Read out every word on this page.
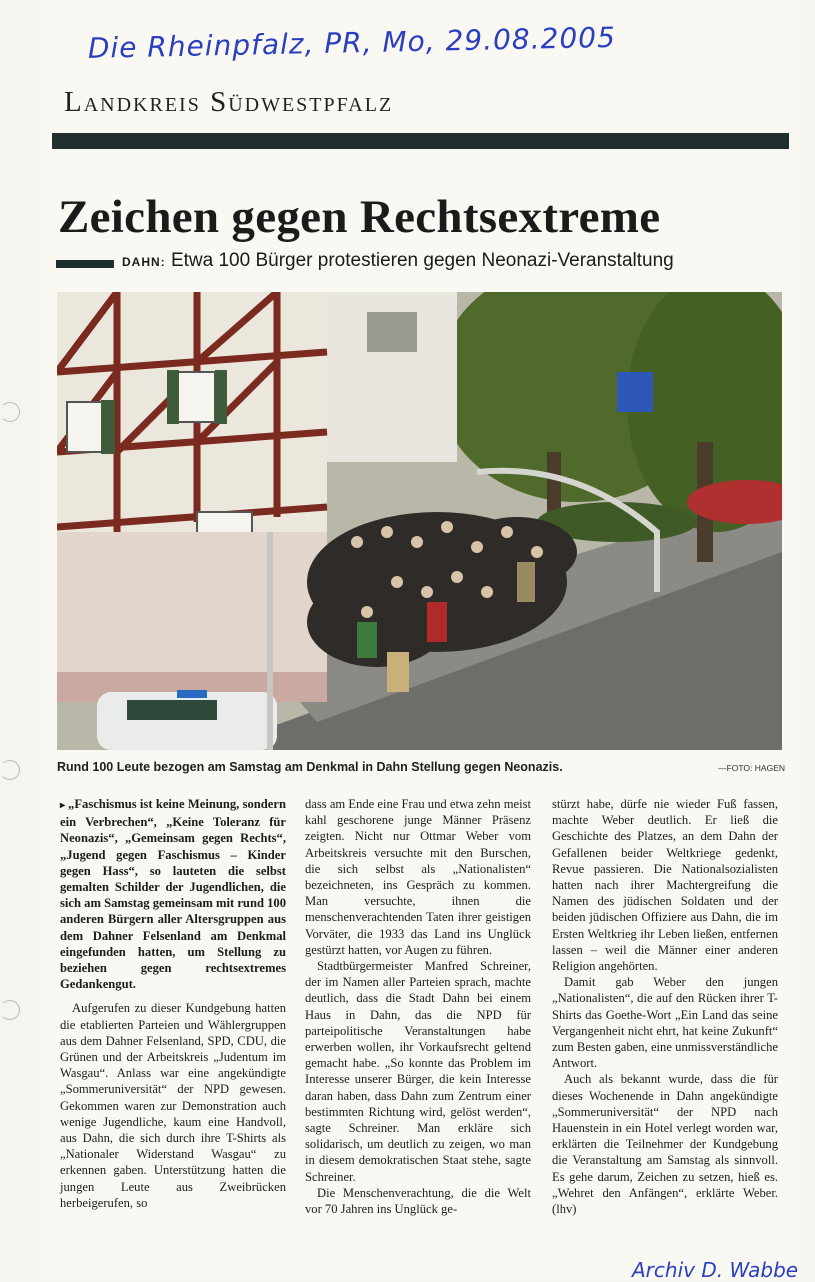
Die Rheinpfalz, PR, Mo, 29.08.2005
Landkreis Südwestpfalz
Zeichen gegen Rechtsextreme
DAHN: Etwa 100 Bürger protestieren gegen Neonazi-Veranstaltung
Rund 100 Leute bezogen am Samstag am Denkmal in Dahn Stellung gegen Neonazis.	—FOTO: HAGEN

▸ „Faschismus ist keine Meinung, sondern ein Verbrechen“, „Keine Toleranz für Neonazis“, „Gemeinsam gegen Rechts“, „Jugend gegen Faschismus – Kinder gegen Hass“, so lauteten die selbst gemalten Schilder der Jugendlichen, die sich am Samstag gemeinsam mit rund 100 anderen Bürgern aller Altersgruppen aus dem Dahner Felsenland am Denkmal eingefunden hatten, um Stellung zu beziehen gegen rechtsextremes Gedankengut.

Aufgerufen zu dieser Kundgebung hatten die etablierten Parteien und Wählergruppen aus dem Dahner Felsenland, SPD, CDU, die Grünen und der Arbeitskreis „Judentum im Wasgau“. Anlass war eine angekündigte „Sommeruniversität“ der NPD gewesen. Gekommen waren zur Demonstration auch wenige Jugendliche, kaum eine Handvoll, aus Dahn, die sich durch ihre T-Shirts als „Nationaler Widerstand Wasgau“ zu erkennen gaben. Unterstützung hatten die jungen Leute aus Zweibrücken herbeigerufen, so

dass am Ende eine Frau und etwa zehn meist kahl geschorene junge Männer Präsenz zeigten. Nicht nur Ottmar Weber vom Arbeitskreis versuchte mit den Burschen, die sich selbst als „Nationalisten“ bezeichneten, ins Gespräch zu kommen. Man versuchte, ihnen die menschenverachtenden Taten ihrer geistigen Vorväter, die 1933 das Land ins Unglück gestürzt hatten, vor Augen zu führen.

Stadtbürgermeister Manfred Schreiner, der im Namen aller Parteien sprach, machte deutlich, dass die Stadt Dahn bei einem Haus in Dahn, das die NPD für parteipolitische Veranstaltungen habe erwerben wollen, ihr Vorkaufsrecht geltend gemacht habe. „So konnte das Problem im Interesse unserer Bürger, die kein Interesse daran haben, dass Dahn zum Zentrum einer bestimmten Richtung wird, gelöst werden“, sagte Schreiner. Man erkläre sich solidarisch, um deutlich zu zeigen, wo man in diesem demokratischen Staat stehe, sagte Schreiner.

Die Menschenverachtung, die die Welt vor 70 Jahren ins Unglück ge-

stürzt habe, dürfe nie wieder Fuß fassen, machte Weber deutlich. Er ließ die Geschichte des Platzes, an dem Dahn der Gefallenen beider Weltkriege gedenkt, Revue passieren. Die Nationalsozialisten hatten nach ihrer Machtergreifung die Namen des jüdischen Soldaten und der beiden jüdischen Offiziere aus Dahn, die im Ersten Weltkrieg ihr Leben ließen, entfernen lassen – weil die Männer einer anderen Religion angehörten.

Damit gab Weber den jungen „Nationalisten“, die auf den Rücken ihrer T-Shirts das Goethe-Wort „Ein Land das seine Vergangenheit nicht ehrt, hat keine Zukunft“ zum Besten gaben, eine unmissverständliche Antwort.

Auch als bekannt wurde, dass die für dieses Wochenende in Dahn angekündigte „Sommeruniversität“ der NPD nach Hauenstein in ein Hotel verlegt worden war, erklärten die Teilnehmer der Kundgebung die Veranstaltung am Samstag als sinnvoll. Es gehe darum, Zeichen zu setzen, hieß es. „Wehret den Anfängen“, erklärte Weber. (lhv)

Archiv D. Wabbe
